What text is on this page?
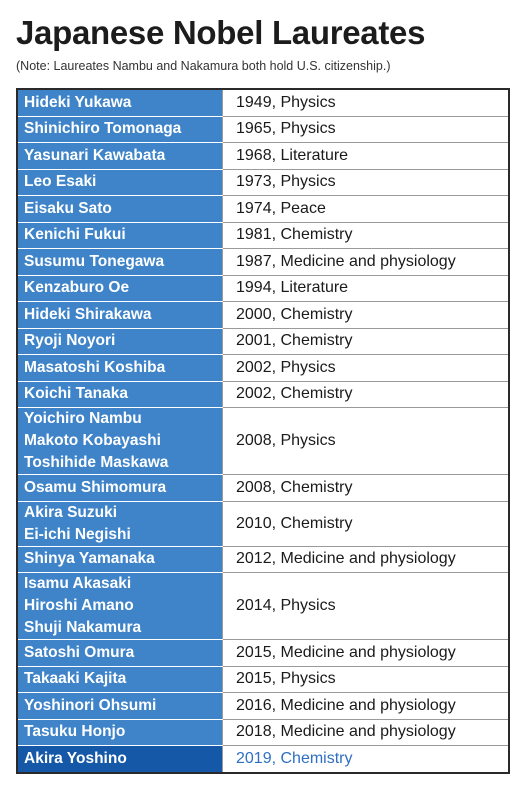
Japanese Nobel Laureates
(Note: Laureates Nambu and Nakamura both hold U.S. citizenship.)
Hideki Yukawa	1949, Physics

Shinichiro Tomonaga	1965, Physics

Yasunari Kawabata	1968, Literature

Leo Esaki	1973, Physics

Eisaku Sato	1974, Peace

Kenichi Fukui	1981, Chemistry

Susumu Tonegawa	1987, Medicine and physiology

Kenzaburo Oe	1994, Literature

Hideki Shirakawa	2000, Chemistry

Ryoji Noyori	2001, Chemistry

Masatoshi Koshiba	2002, Physics

Koichi Tanaka	2002, Chemistry

Yoichiro Nambu
Makoto Kobayashi
Toshihide Maskawa	2008, Physics

Osamu Shimomura	2008, Chemistry

Akira Suzuki
Ei-ichi Negishi	2010, Chemistry

Shinya Yamanaka	2012, Medicine and physiology

Isamu Akasaki
Hiroshi Amano
Shuji Nakamura	2014, Physics

Satoshi Omura	2015, Medicine and physiology

Takaaki Kajita	2015, Physics

Yoshinori Ohsumi	2016, Medicine and physiology

Tasuku Honjo	2018, Medicine and physiology

Akira Yoshino	2019, Chemistry
